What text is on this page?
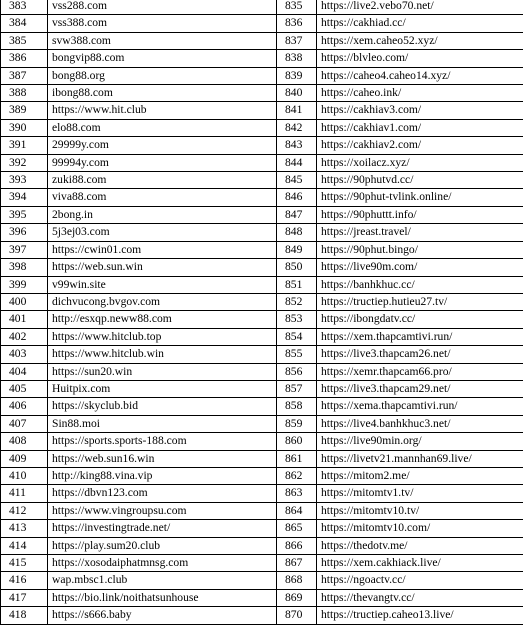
383	vss288.com	835	https://live2.vebo70.net/
384	vss388.com	836	https://cakhiad.cc/
385	svw388.com	837	https://xem.caheo52.xyz/
386	bongvip88.com	838	https://blvleo.com/
387	bong88.org	839	https://caheo4.caheo14.xyz/
388	ibong88.com	840	https://caheo.ink/
389	https://www.hit.club	841	https://cakhiav3.com/
390	elo88.com	842	https://cakhiav1.com/
391	29999y.com	843	https://cakhiav2.com/
392	99994y.com	844	https://xoilacz.xyz/
393	zuki88.com	845	https://90phutvd.cc/
394	viva88.com	846	https://90phut-tvlink.online/
395	2bong.in	847	https://90phuttt.info/
396	5j3ej03.com	848	https://jreast.travel/
397	https://cwin01.com	849	https://90phut.bingo/
398	https://web.sun.win	850	https://live90m.com/
399	v99win.site	851	https://banhkhuc.cc/
400	dichvucong.bvgov.com	852	https://tructiep.hutieu27.tv/
401	http://esxqp.neww88.com	853	https://ibongdatv.cc/
402	https://www.hitclub.top	854	https://xem.thapcamtivi.run/
403	https://www.hitclub.win	855	https://live3.thapcam26.net/
404	https://sun20.win	856	https://xemr.thapcam66.pro/
405	Huitpix.com	857	https://live3.thapcam29.net/
406	https://skyclub.bid	858	https://xema.thapcamtivi.run/
407	Sin88.moi	859	https://live4.banhkhuc3.net/
408	https://sports.sports-188.com	860	https://live90min.org/
409	https://web.sun16.win	861	https://livetv21.mannhan69.live/
410	http://king88.vina.vip	862	https://mitom2.me/
411	https://dbvn123.com	863	https://mitomtv1.tv/
412	https://www.vingroupsu.com	864	https://mitomtv10.tv/
413	https://investingtrade.net/	865	https://mitomtv10.com/
414	https://play.sum20.club	866	https://thedotv.me/
415	https://xosodaiphatmnsg.com	867	https://xem.cakhiack.live/
416	wap.mbsc1.club	868	https://ngoactv.cc/
417	https://bio.link/noithatsunhouse	869	https://thevangtv.cc/
418	https://s666.baby	870	https://tructiep.caheo13.live/
